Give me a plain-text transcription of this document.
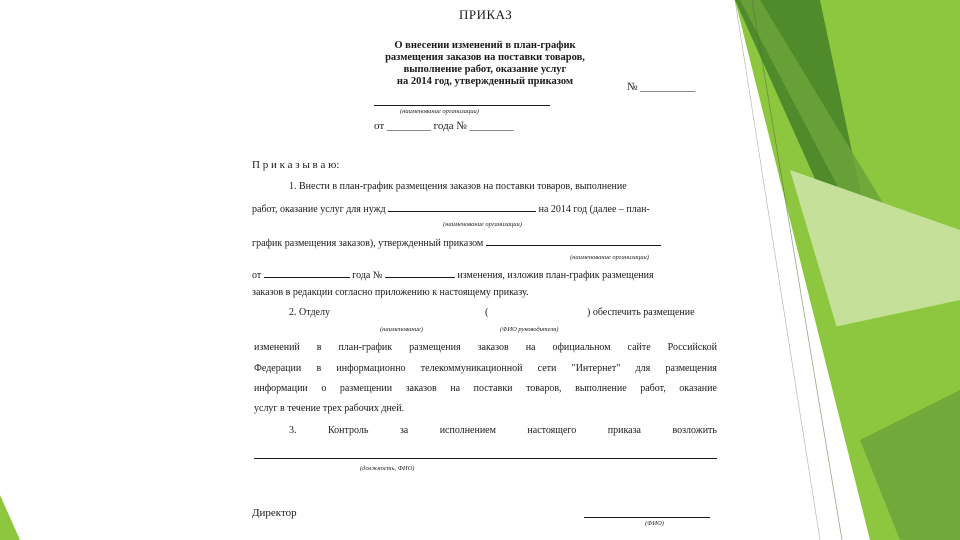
ПРИКАЗ
О внесении изменений в план-график
размещения заказов на поставки товаров,
выполнение работ, оказание услуг
на 2014 год, утвержденный приказом	№ __________
(наименование организации)
от ________ года № ________
П р и к а з ы в а ю:
1. Внести в план-график размещения заказов на поставки товаров, выполнение
работ, оказание услуг для нужд	на 2014 год (далее – план-
(наименование организации)
график размещения заказов), утвержденный приказом
(наименование организации)
от	года №	изменения, изложив план-график размещения
заказов в редакции согласно приложению к настоящему приказу.
2. Отделу	(	) обеспечить размещение
(наименование)	(ФИО руководителя)
изменений в план-график размещения заказов на официальном сайте Российской
Федерации в информационно телекоммуникационной сети "Интернет" для размещения
информации о размещении заказов на поставки товаров, выполнение работ, оказание
услуг в течение трех рабочих дней.
3.	Контроль	за	исполнением	настоящего	приказа	возложить
(должность, ФИО)
Директор
(ФИО)
